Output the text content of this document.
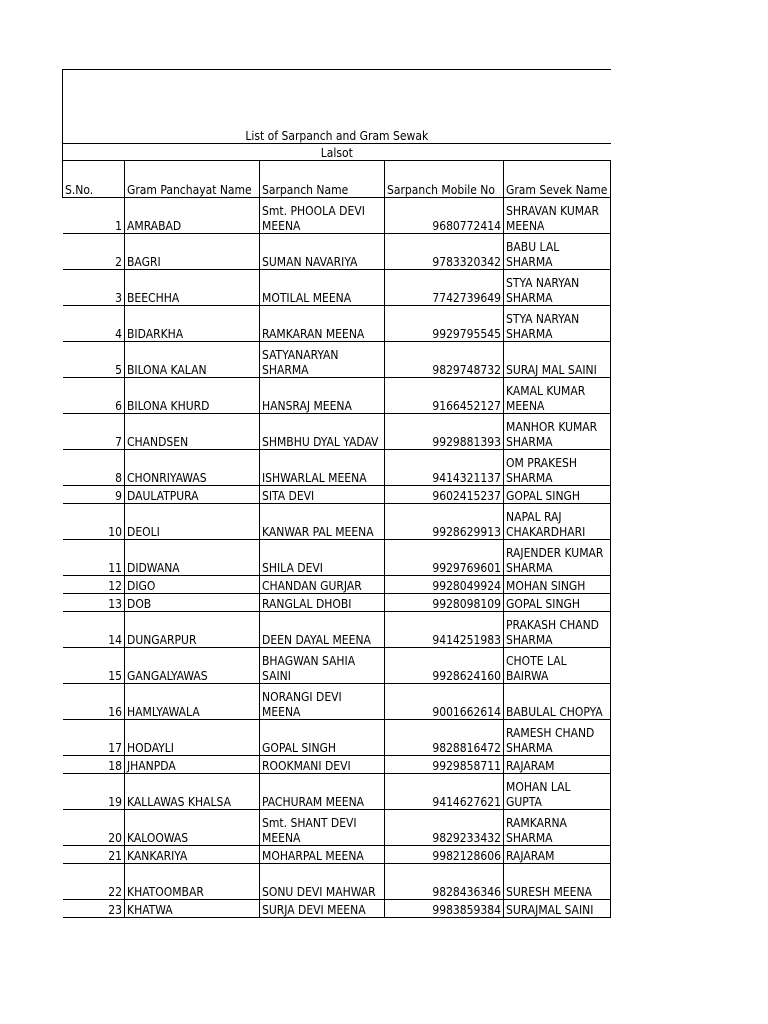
List of Sarpanch and Gram Sewak				
Lalsot				
S.No.	Gram Panchayat Name	Sarpanch Name	Sarpanch Mobile No	Gram Sevek Name
1	AMRABAD	Smt. PHOOLA DEVI MEENA	9680772414	SHRAVAN KUMAR MEENA
2	BAGRI	SUMAN NAVARIYA	9783320342	BABU LAL SHARMA
3	BEECHHA	MOTILAL MEENA	7742739649	STYA NARYAN SHARMA
4	BIDARKHA	RAMKARAN MEENA	9929795545	STYA NARYAN SHARMA
5	BILONA KALAN	SATYANARYAN SHARMA	9829748732	SURAJ MAL SAINI
6	BILONA KHURD	HANSRAJ MEENA	9166452127	KAMAL KUMAR MEENA
7	CHANDSEN	SHMBHU DYAL YADAV	9929881393	MANHOR KUMAR SHARMA
8	CHONRIYAWAS	ISHWARLAL MEENA	9414321137	OM PRAKESH SHARMA
9	DAULATPURA	SITA DEVI	9602415237	GOPAL SINGH
10	DEOLI	KANWAR PAL MEENA	9928629913	NAPAL RAJ CHAKARDHARI
11	DIDWANA	SHILA DEVI	9929769601	RAJENDER KUMAR SHARMA
12	DIGO	CHANDAN GURJAR	9928049924	MOHAN SINGH
13	DOB	RANGLAL DHOBI	9928098109	GOPAL SINGH
14	DUNGARPUR	DEEN DAYAL MEENA	9414251983	PRAKASH CHAND SHARMA
15	GANGALYAWAS	BHAGWAN SAHIA SAINI	9928624160	CHOTE LAL BAIRWA
16	HAMLYAWALA	NORANGI DEVI MEENA	9001662614	BABULAL CHOPYA
17	HODAYLI	GOPAL SINGH	9828816472	RAMESH CHAND SHARMA
18	JHANPDA	ROOKMANI DEVI	9929858711	RAJARAM
19	KALLAWAS KHALSA	PACHURAM MEENA	9414627621	MOHAN LAL GUPTA
20	KALOOWAS	Smt. SHANT DEVI MEENA	9829233432	RAMKARNA SHARMA
21	KANKARIYA	MOHARPAL MEENA	9982128606	RAJARAM
22	KHATOOMBAR	SONU DEVI MAHWAR	9828436346	SURESH MEENA
23	KHATWA	SURJA DEVI MEENA	9983859384	SURAJMAL SAINI
